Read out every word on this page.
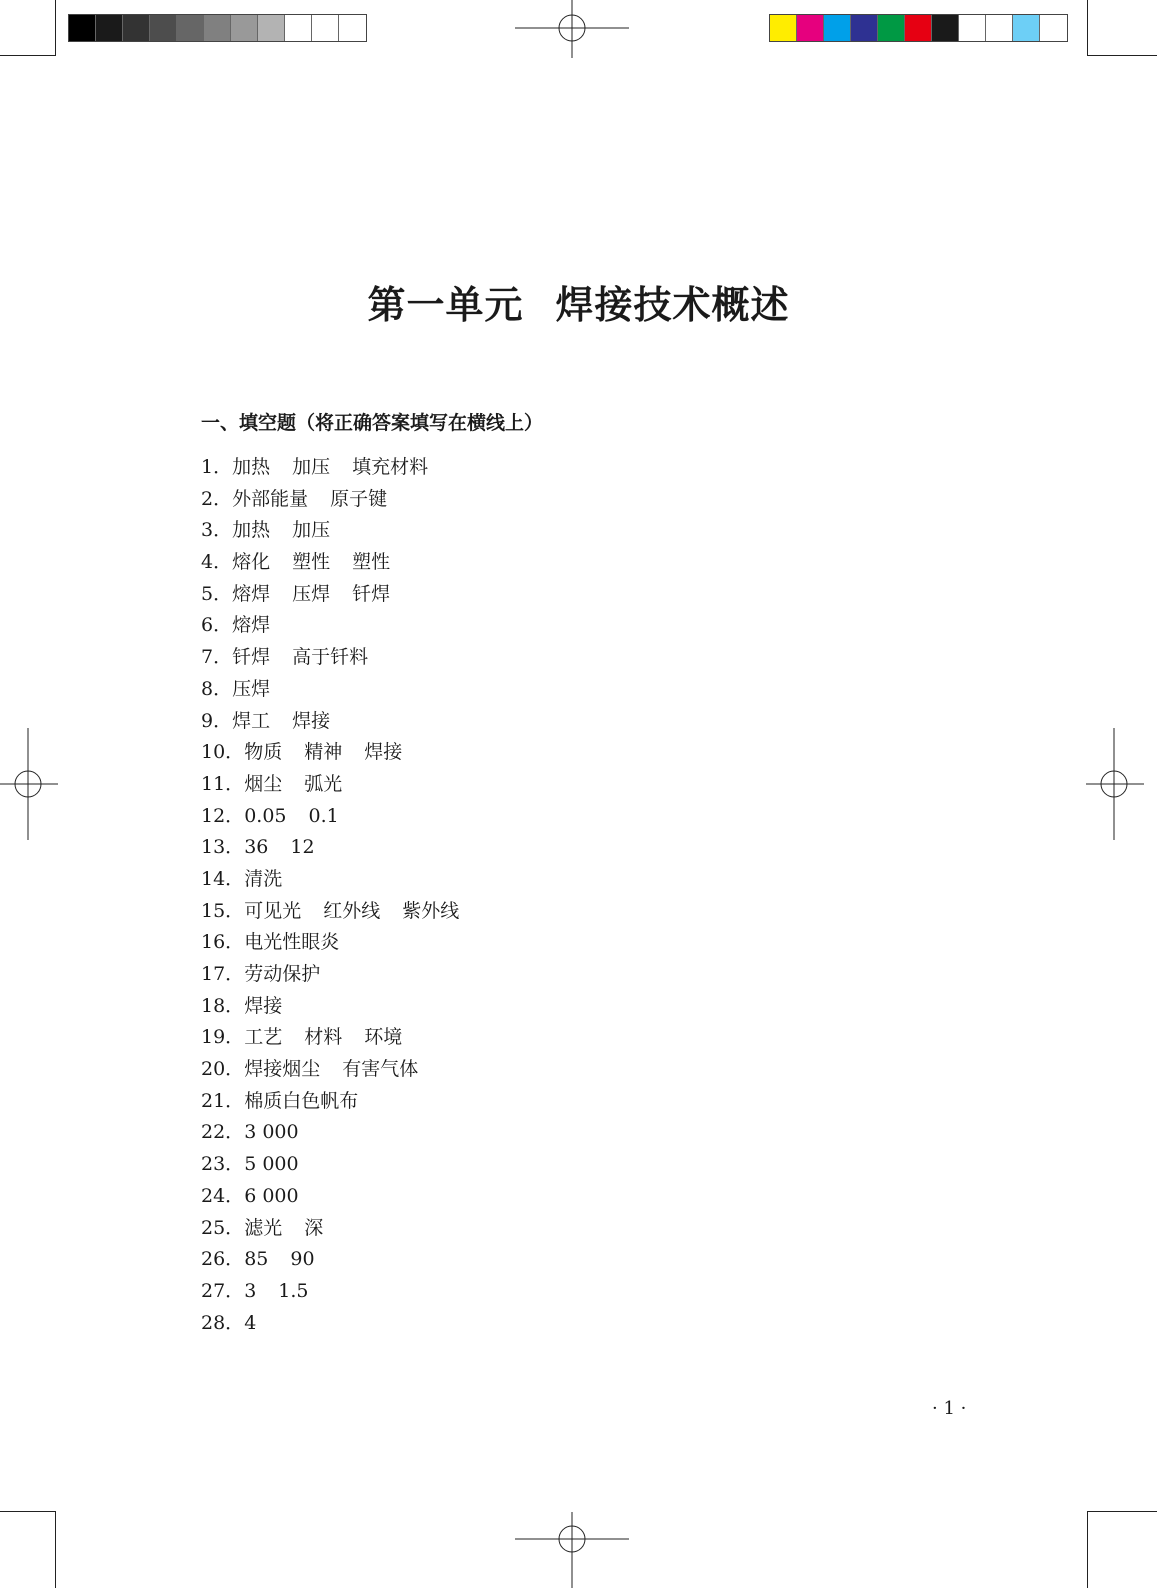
第一单元 焊接技术概述
一、填空题（将正确答案填写在横线上）
1．加热 加压 填充材料
2．外部能量 原子键
3．加热 加压
4．熔化 塑性 塑性
5．熔焊 压焊 钎焊
6．熔焊
7．钎焊 高于钎料
8．压焊
9．焊工 焊接
10．物质 精神 焊接
11．烟尘 弧光
12．0.05 0.1
13．36 12
14．清洗
15．可见光 红外线 紫外线
16．电光性眼炎
17．劳动保护
18．焊接
19．工艺 材料 环境
20．焊接烟尘 有害气体
21．棉质白色帆布
22．3 000
23．5 000
24．6 000
25．滤光 深
26．85 90
27．3 1.5
28．4
· 1 ·
